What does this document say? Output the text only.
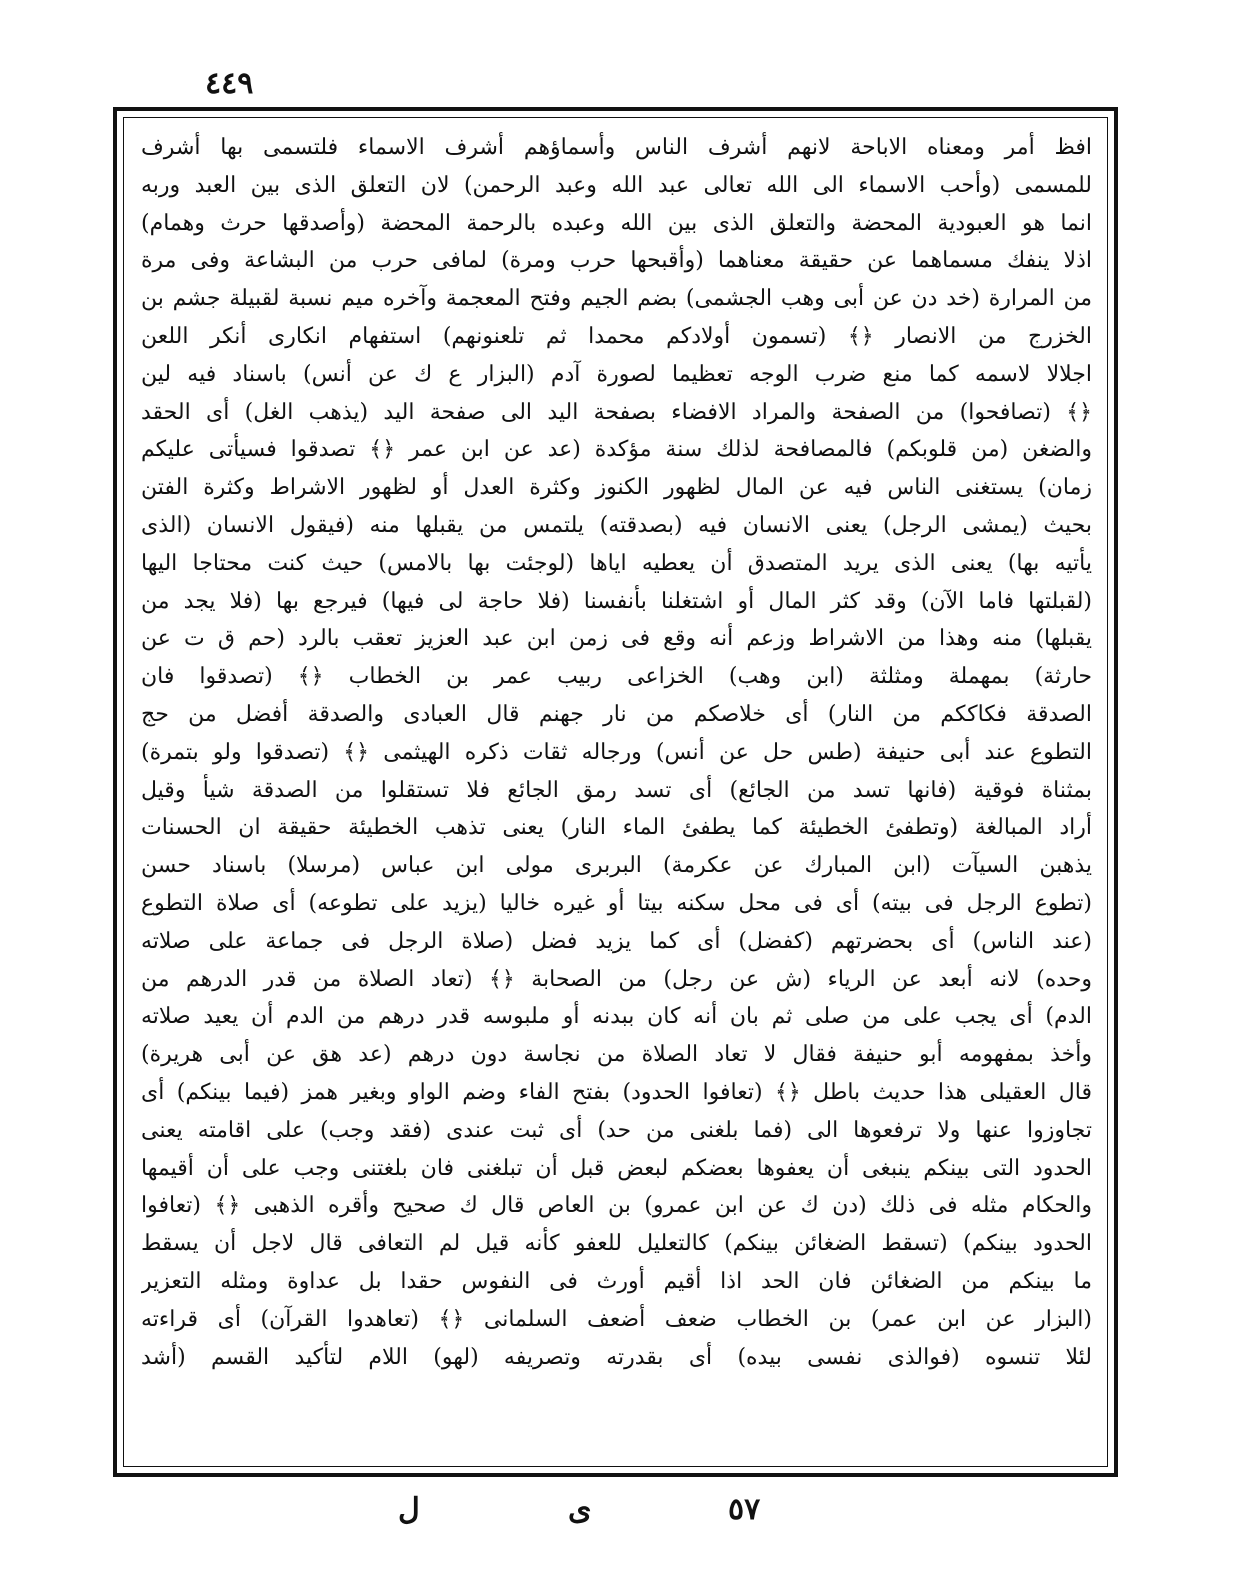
٤٤٩
افظ أمر ومعناه الاباحة لانهم أشرف الناس وأسماؤهم أشرف الاسماء فلتسمى بها أشرف
للمسمى (وأحب الاسماء الى الله تعالى عبد الله وعبد الرحمن) لان التعلق الذى بين العبد وربه
انما هو العبودية المحضة والتعلق الذى بين الله وعبده بالرحمة المحضة (وأصدقها حرث وهمام)
اذلا ينفك مسماهما عن حقيقة معناهما (وأقبحها حرب ومرة) لمافى حرب من البشاعة وفى مرة
من المرارة (خد دن عن أبى وهب الجشمى) بضم الجيم وفتح المعجمة وآخره ميم نسبة لقبيلة جشم بن
الخزرج من الانصار ﴿﴾ (تسمون أولادكم محمدا ثم تلعنونهم) استفهام انكارى أنكر اللعن
اجلالا لاسمه كما منع ضرب الوجه تعظيما لصورة آدم (البزار ع ك عن أنس) باسناد فيه لين
﴿﴾ (تصافحوا) من الصفحة والمراد الافضاء بصفحة اليد الى صفحة اليد (يذهب الغل) أى الحقد
والضغن (من قلوبكم) فالمصافحة لذلك سنة مؤكدة (عد عن ابن عمر ﴿﴾ تصدقوا فسيأتى عليكم
زمان) يستغنى الناس فيه عن المال لظهور الكنوز وكثرة العدل أو لظهور الاشراط وكثرة الفتن
بحيث (يمشى الرجل) يعنى الانسان فيه (بصدقته) يلتمس من يقبلها منه (فيقول الانسان (الذى
يأتيه بها) يعنى الذى يريد المتصدق أن يعطيه اياها (لوجئت بها بالامس) حيث كنت محتاجا اليها
(لقبلتها فاما الآن) وقد كثر المال أو اشتغلنا بأنفسنا (فلا حاجة لى فيها) فيرجع بها (فلا يجد من
يقبلها) منه وهذا من الاشراط وزعم أنه وقع فى زمن ابن عبد العزيز تعقب بالرد (حم ق ت عن
حارثة) بمهملة ومثلثة (ابن وهب) الخزاعى ربيب عمر بن الخطاب ﴿﴾ (تصدقوا فان
الصدقة فكاككم من النار) أى خلاصكم من نار جهنم قال العبادى والصدقة أفضل من حج
التطوع عند أبى حنيفة (طس حل عن أنس) ورجاله ثقات ذكره الهيثمى ﴿﴾ (تصدقوا ولو بتمرة)
بمثناة فوقية (فانها تسد من الجائع) أى تسد رمق الجائع فلا تستقلوا من الصدقة شيأ وقيل
أراد المبالغة (وتطفئ الخطيئة كما يطفئ الماء النار) يعنى تذهب الخطيئة حقيقة ان الحسنات
يذهبن السيآت (ابن المبارك عن عكرمة) البربرى مولى ابن عباس (مرسلا) باسناد حسن
(تطوع الرجل فى بيته) أى فى محل سكنه بيتا أو غيره خاليا (يزيد على تطوعه) أى صلاة التطوع
(عند الناس) أى بحضرتهم (كفضل) أى كما يزيد فضل (صلاة الرجل فى جماعة على صلاته
وحده) لانه أبعد عن الرياء (ش عن رجل) من الصحابة ﴿﴾ (تعاد الصلاة من قدر الدرهم من
الدم) أى يجب على من صلى ثم بان أنه كان ببدنه أو ملبوسه قدر درهم من الدم أن يعيد صلاته
وأخذ بمفهومه أبو حنيفة فقال لا تعاد الصلاة من نجاسة دون درهم (عد هق عن أبى هريرة)
قال العقيلى هذا حديث باطل ﴿﴾ (تعافوا الحدود) بفتح الفاء وضم الواو وبغير همز (فيما بينكم) أى
تجاوزوا عنها ولا ترفعوها الى (فما بلغنى من حد) أى ثبت عندى (فقد وجب) على اقامته يعنى
الحدود التى بينكم ينبغى أن يعفوها بعضكم لبعض قبل أن تبلغنى فان بلغتنى وجب على أن أقيمها
والحكام مثله فى ذلك (دن ك عن ابن عمرو) بن العاص قال ك صحيح وأقره الذهبى ﴿﴾ (تعافوا
الحدود بينكم) (تسقط الضغائن بينكم) كالتعليل للعفو كأنه قيل لم التعافى قال لاجل أن يسقط
ما بينكم من الضغائن فان الحد اذا أقيم أورث فى النفوس حقدا بل عداوة ومثله التعزير
(البزار عن ابن عمر) بن الخطاب ضعف أضعف السلمانى ﴿﴾ (تعاهدوا القرآن) أى قراءته
لئلا تنسوه (فوالذى نفسى بيده) أى بقدرته وتصريفه (لهو) اللام لتأكيد القسم (أشد
ل	ى	٥٧
